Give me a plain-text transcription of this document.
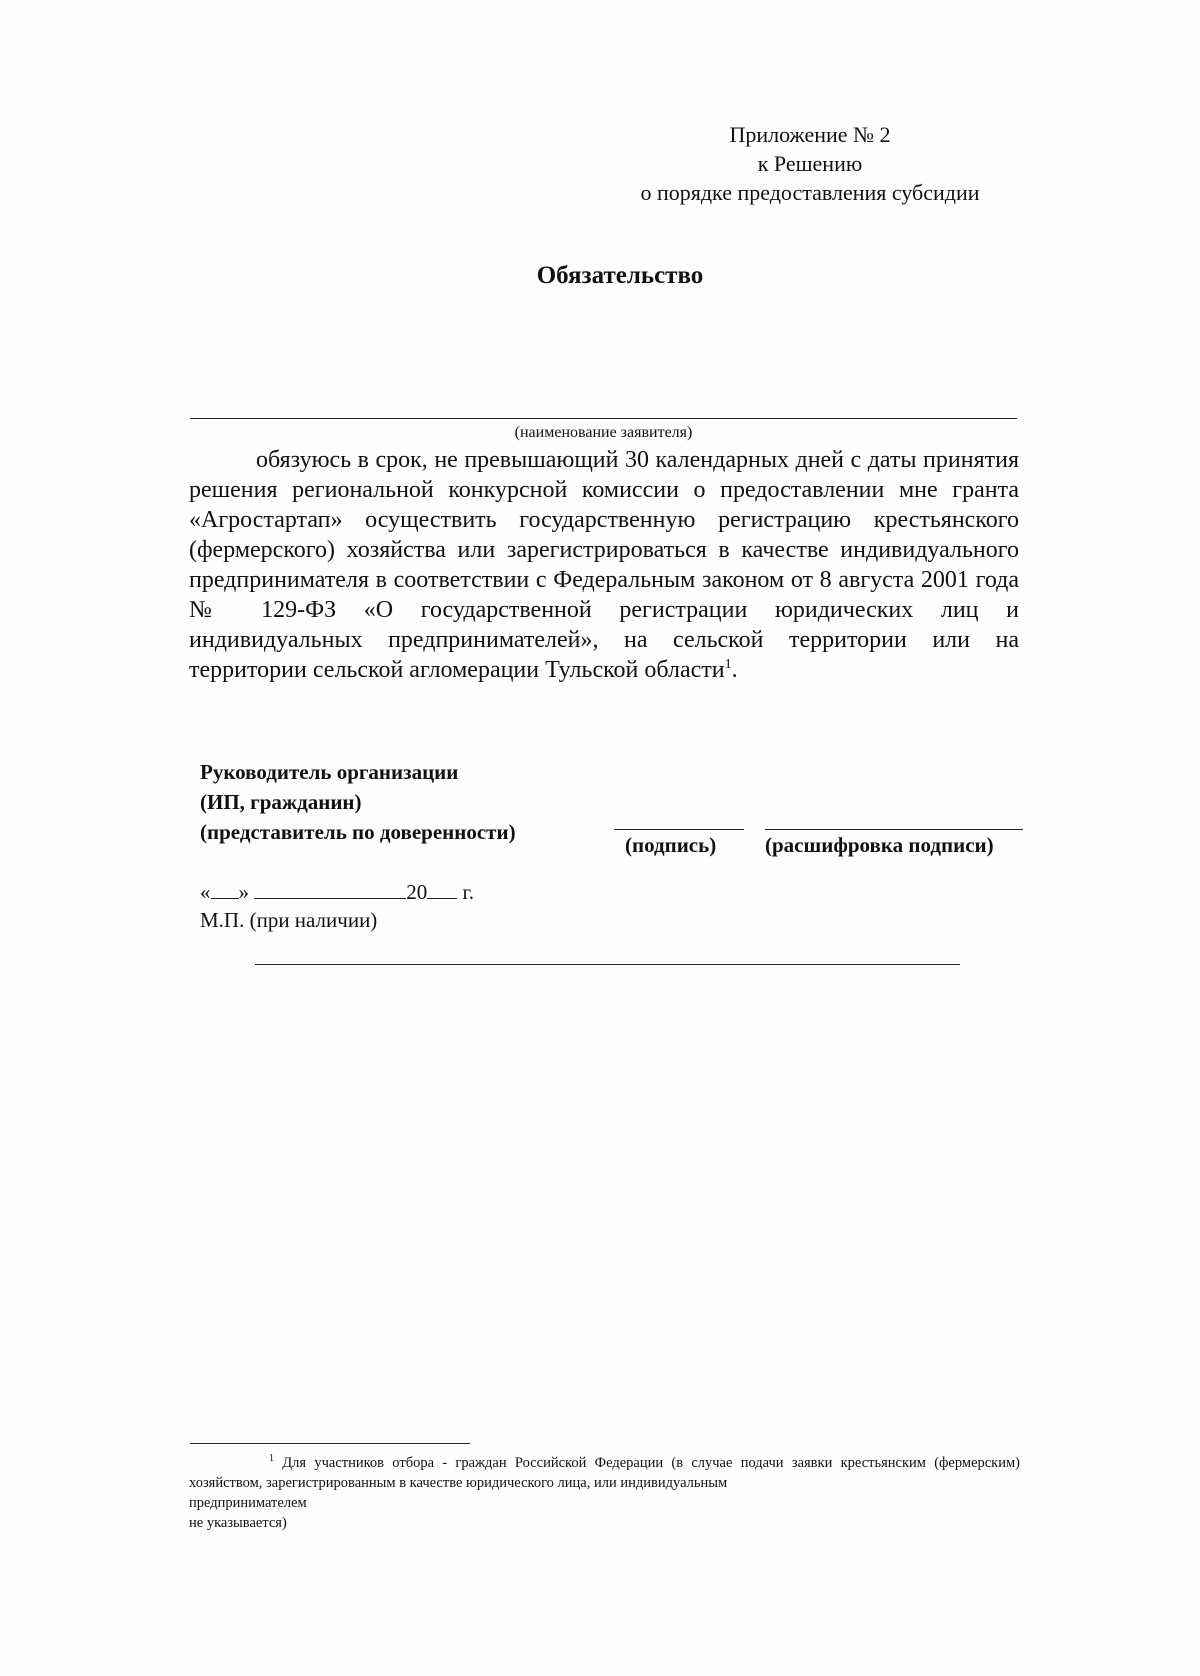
Приложение № 2
к Решению
о порядке предоставления субсидии
Обязательство
(наименование заявителя)
обязуюсь в срок, не превышающий 30 календарных дней с даты принятия решения региональной конкурсной комиссии о предоставлении мне гранта «Агростартап» осуществить государственную регистрацию крестьянского (фермерского) хозяйства или зарегистрироваться в качестве индивидуального предпринимателя в соответствии с Федеральным законом от 8 августа 2001 года № 129-ФЗ «О государственной регистрации юридических лиц и индивидуальных предпринимателей», на сельской территории или на территории сельской агломерации Тульской области$^1$.
Руководитель организации
(ИП, гражданин)
(представитель по доверенности)
(подпись) (расшифровка подписи)
« »	20 г.
М.П. (при наличии)
$^1$ Для участников отбора - граждан Российской Федерации (в случае подачи заявки крестьянским (фермерским) хозяйством, зарегистрированным в качестве юридического лица, или индивидуальным
предпринимателем
не указывается)
